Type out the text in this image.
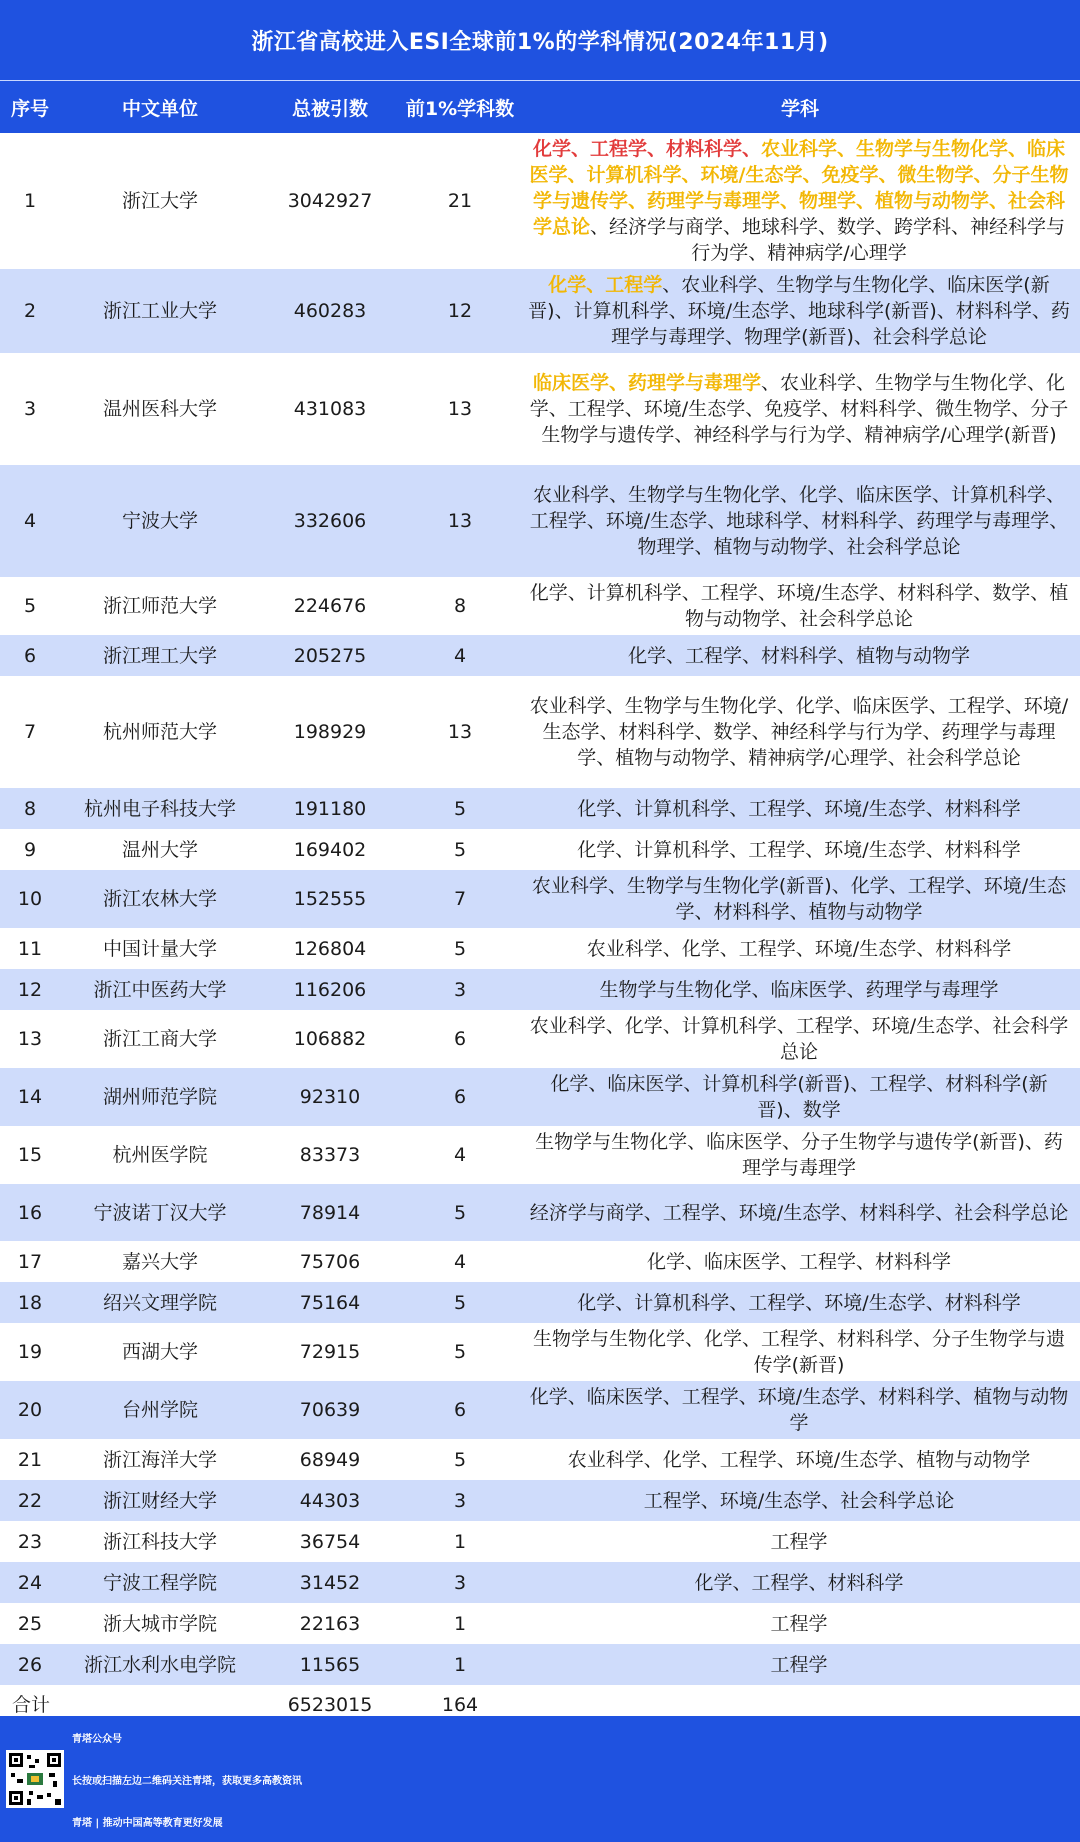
浙江省高校进入ESI全球前1%的学科情况(2024年11月)
序号	中文单位	总被引数	前1%学科数	学科
1	浙江大学	3042927	21	化学、工程学、材料科学、农业科学、生物学与生物化学、临床医学、计算机科学、环境/生态学、免疫学、微生物学、分子生物学与遗传学、药理学与毒理学、物理学、植物与动物学、社会科学总论、经济学与商学、地球科学、数学、跨学科、神经科学与行为学、精神病学/心理学
2	浙江工业大学	460283	12	化学、工程学、农业科学、生物学与生物化学、临床医学(新晋)、计算机科学、环境/生态学、地球科学(新晋)、材料科学、药理学与毒理学、物理学(新晋)、社会科学总论
3	温州医科大学	431083	13	临床医学、药理学与毒理学、农业科学、生物学与生物化学、化学、工程学、环境/生态学、免疫学、材料科学、微生物学、分子生物学与遗传学、神经科学与行为学、精神病学/心理学(新晋)
4	宁波大学	332606	13	农业科学、生物学与生物化学、化学、临床医学、计算机科学、工程学、环境/生态学、地球科学、材料科学、药理学与毒理学、物理学、植物与动物学、社会科学总论
5	浙江师范大学	224676	8	化学、计算机科学、工程学、环境/生态学、材料科学、数学、植物与动物学、社会科学总论
6	浙江理工大学	205275	4	化学、工程学、材料科学、植物与动物学
7	杭州师范大学	198929	13	农业科学、生物学与生物化学、化学、临床医学、工程学、环境/生态学、材料科学、数学、神经科学与行为学、药理学与毒理学、植物与动物学、精神病学/心理学、社会科学总论
8	杭州电子科技大学	191180	5	化学、计算机科学、工程学、环境/生态学、材料科学
9	温州大学	169402	5	化学、计算机科学、工程学、环境/生态学、材料科学
10	浙江农林大学	152555	7	农业科学、生物学与生物化学(新晋)、化学、工程学、环境/生态学、材料科学、植物与动物学
11	中国计量大学	126804	5	农业科学、化学、工程学、环境/生态学、材料科学
12	浙江中医药大学	116206	3	生物学与生物化学、临床医学、药理学与毒理学
13	浙江工商大学	106882	6	农业科学、化学、计算机科学、工程学、环境/生态学、社会科学总论
14	湖州师范学院	92310	6	化学、临床医学、计算机科学(新晋)、工程学、材料科学(新晋)、数学
15	杭州医学院	83373	4	生物学与生物化学、临床医学、分子生物学与遗传学(新晋)、药理学与毒理学
16	宁波诺丁汉大学	78914	5	经济学与商学、工程学、环境/生态学、材料科学、社会科学总论
17	嘉兴大学	75706	4	化学、临床医学、工程学、材料科学
18	绍兴文理学院	75164	5	化学、计算机科学、工程学、环境/生态学、材料科学
19	西湖大学	72915	5	生物学与生物化学、化学、工程学、材料科学、分子生物学与遗传学(新晋)
20	台州学院	70639	6	化学、临床医学、工程学、环境/生态学、材料科学、植物与动物学
21	浙江海洋大学	68949	5	农业科学、化学、工程学、环境/生态学、植物与动物学
22	浙江财经大学	44303	3	工程学、环境/生态学、社会科学总论
23	浙江科技大学	36754	1	工程学
24	宁波工程学院	31452	3	化学、工程学、材料科学
25	浙大城市学院	22163	1	工程学
26	浙江水利水电学院	11565	1	工程学
合计		6523015	164	
青塔公众号
长按或扫描左边二维码关注青塔，获取更多高教资讯
青塔 | 推动中国高等教育更好发展
